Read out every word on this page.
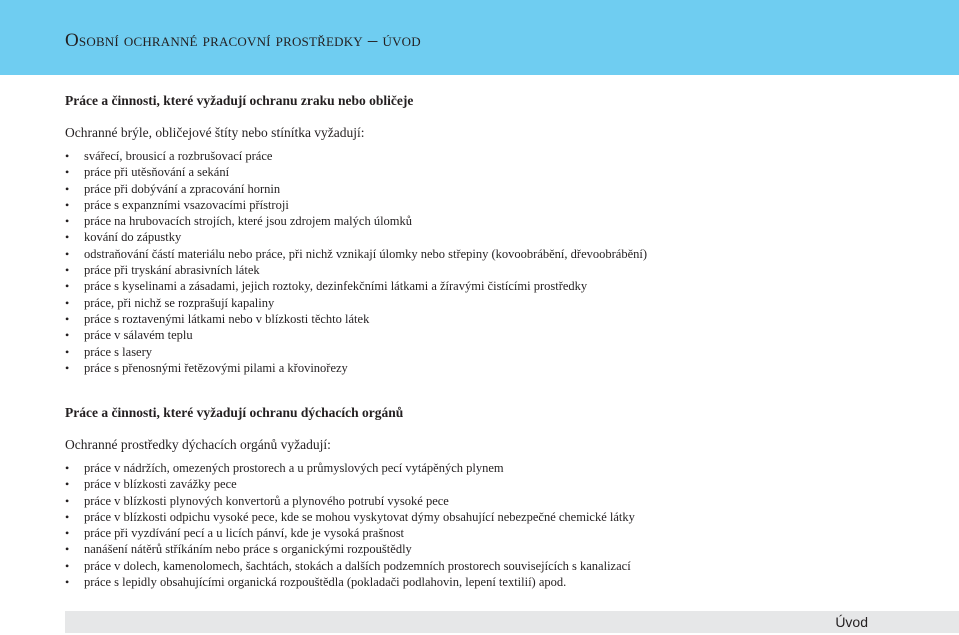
Osobní ochranné pracovní prostředky – úvod
Práce a činnosti, které vyžadují ochranu zraku nebo obličeje
Ochranné brýle, obličejové štíty nebo stínítka vyžadují:
• svářecí, brousicí a rozbrušovací práce
• práce při utěsňování a sekání
• práce při dobývání a zpracování hornin
• práce s expanzními vsazovacími přístroji
• práce na hrubovacích strojích, které jsou zdrojem malých úlomků
• kování do zápustky
• odstraňování částí materiálu nebo práce, při nichž vznikají úlomky nebo střepiny (kovoobrábění, dřevoobrábění)
• práce při tryskání abrasivních látek
• práce s kyselinami a zásadami, jejich roztoky, dezinfekčními látkami a žíravými čistícími prostředky
• práce, při nichž se rozprašují kapaliny
• práce s roztavenými látkami nebo v blízkosti těchto látek
• práce v sálavém teplu
• práce s lasery
• práce s přenosnými řetězovými pilami a křovinořezy
Práce a činnosti, které vyžadují ochranu dýchacích orgánů
Ochranné prostředky dýchacích orgánů vyžadují:
• práce v nádržích, omezených prostorech a u průmyslových pecí vytápěných plynem
• práce v blízkosti zavážky pece
• práce v blízkosti plynových konvertorů a plynového potrubí vysoké pece
• práce v blízkosti odpichu vysoké pece, kde se mohou vyskytovat dýmy obsahující nebezpečné chemické látky
• práce při vyzdívání pecí a u licích pánví, kde je vysoká prašnost
• nanášení nátěrů stříkáním nebo práce s organickými rozpouštědly
• práce v dolech, kamenolomech, šachtách, stokách a dalších podzemních prostorech souvisejících s kanalizací
• práce s lepidly obsahujícími organická rozpouštědla (pokladači podlahovin, lepení textilií) apod.
Úvod
